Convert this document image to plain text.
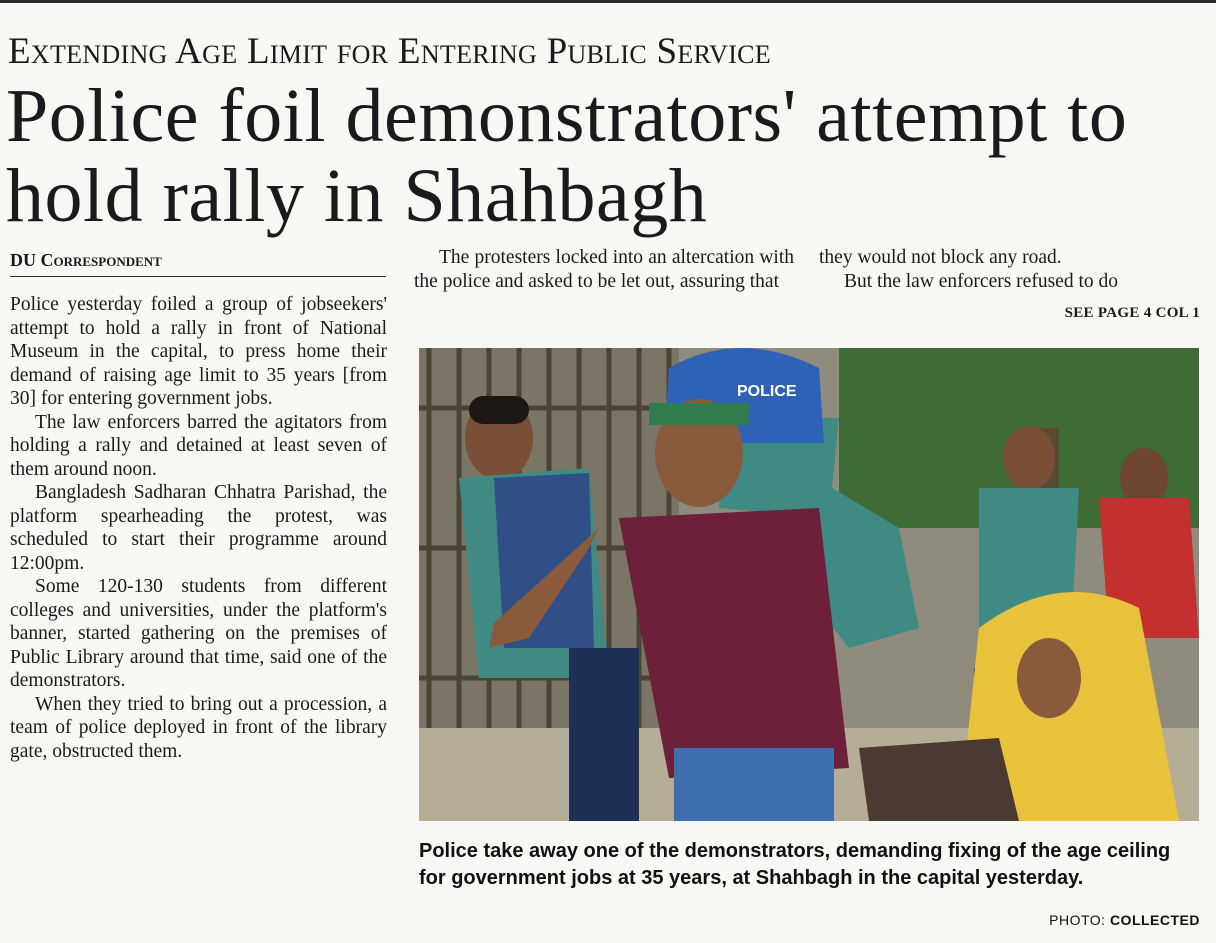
Extending Age Limit for Entering Public Service
Police foil demonstrators' attempt to hold rally in Shahbagh
DU Correspondent

Police yesterday foiled a group of jobseekers' attempt to hold a rally in front of National Museum in the capital, to press home their demand of raising age limit to 35 years [from 30] for entering government jobs.

The law enforcers barred the agitators from holding a rally and detained at least seven of them around noon.

Bangladesh Sadharan Chhatra Parishad, the platform spearheading the protest, was scheduled to start their programme around 12:00pm.

Some 120-130 students from different colleges and universities, under the platform's banner, started gathering on the premises of Public Library around that time, said one of the demonstrators.

When they tried to bring out a procession, a team of police deployed in front of the library gate, obstructed them.

The protesters locked into an altercation with the police and asked to be let out, assuring that

they would not block any road.

But the law enforcers refused to do

SEE PAGE 4 COL 1
POLICE
Police take away one of the demonstrators, demanding fixing of the age ceiling for government jobs at 35 years, at Shahbagh in the capital yesterday.
PHOTO: COLLECTED
